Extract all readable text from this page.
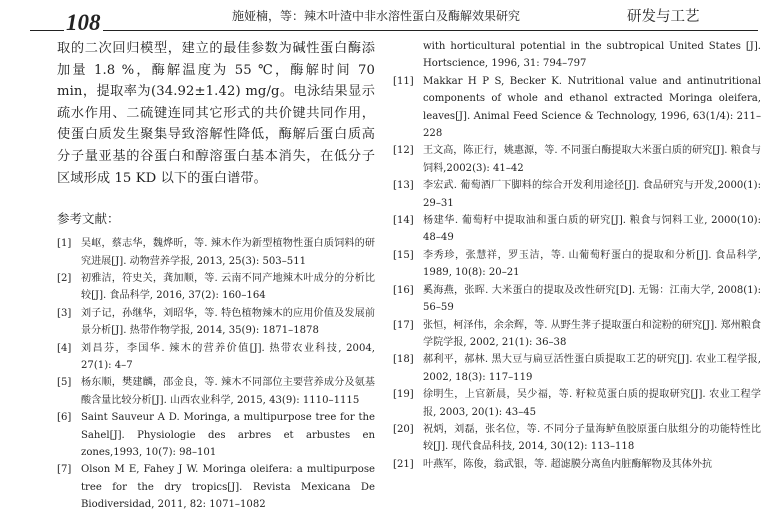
108	施娅楠，等：辣木叶渣中非水溶性蛋白及酶解效果研究	研发与工艺

取的二次回归模型，建立的最佳参数为碱性蛋白酶添加量 1.8 %，酶解温度为 55 ℃，酶解时间 70 min，提取率为(34.92±1.42) mg/g。电泳结果显示疏水作用、二硫键连同其它形式的共价键共同作用，使蛋白质发生聚集导致溶解性降低，酶解后蛋白质高分子量亚基的谷蛋白和醇溶蛋白基本消失，在低分子区域形成 15 KD 以下的蛋白谱带。

参考文献：
[1] 吴岖，蔡志华，魏烨昕，等. 辣木作为新型植物性蛋白质饲料的研究进展[J]. 动物营养学报, 2013, 25(3): 503–511
[2] 初雅洁，符史关，龚加顺，等. 云南不同产地辣木叶成分的分析比较[J]. 食品科学, 2016, 37(2): 160–164
[3] 刘子记，孙继华，刘昭华，等. 特色植物辣木的应用价值及发展前景分析[J]. 热带作物学报, 2014, 35(9): 1871–1878
[4] 刘昌芬，李国华. 辣木的营养价值[J]. 热带农业科技, 2004, 27(1): 4–7
[5] 杨东顺，樊建麟，邵金良，等. 辣木不同部位主要营养成分及氨基酸含量比较分析[J]. 山西农业科学, 2015, 43(9): 1110–1115
[6] Saint Sauveur A D. Moringa, a multipurpose tree for the Sahel[J]. Physiologie des arbres et arbustes en zones,1993, 10(7): 98–101
[7] Olson M E, Fahey J W. Moringa oleifera: a multipurpose tree for the dry tropics[J]. Revista Mexicana De Biodiversidad, 2011, 82: 1071–1082
with horticultural potential in the subtropical United States [J]. Hortscience, 1996, 31: 794–797
[11] Makkar H P S, Becker K. Nutritional value and antinutritional components of whole and ethanol extracted Moringa oleifera, leaves[J]. Animal Feed Science & Technology, 1996, 63(1/4): 211–228
[12] 王文高，陈正行，姚惠源，等. 不同蛋白酶提取大米蛋白质的研究[J]. 粮食与饲料,2002(3): 41–42
[13] 李宏武. 葡萄酒厂下脚料的综合开发利用途径[J]. 食品研究与开发,2000(1): 29–31
[14] 杨建华. 葡萄籽中提取油和蛋白质的研究[J]. 粮食与饲料工业, 2000(10): 48–49
[15] 李秀珍，张慧祥，罗玉洁，等. 山葡萄籽蛋白的提取和分析[J]. 食品科学, 1989, 10(8): 20–21
[16] 奚海燕，张晖. 大米蛋白的提取及改性研究[D]. 无锡：江南大学, 2008(1): 56–59
[17] 张恒，柯泽伟，余余辉，等. 从野生荠子提取蛋白和淀粉的研究[J]. 郑州粮食学院学报, 2002, 21(1): 36–38
[18] 郝利平，郝林. 黑大豆与扁豆活性蛋白质提取工艺的研究[J]. 农业工程学报, 2002, 18(3): 117–119
[19] 徐明生，上官新晨，吴少福，等. 籽粒苋蛋白质的提取研究[J]. 农业工程学报, 2003, 20(1): 43–45
[20] 祝炳，刘磊，张名位，等. 不同分子量海鲈鱼胶原蛋白肽组分的功能特性比较[J]. 现代食品科技, 2014, 30(12): 113–118
[21] 叶燕军，陈俊，翁武银，等. 超滤膜分离鱼内脏酶解物及其体外抗
